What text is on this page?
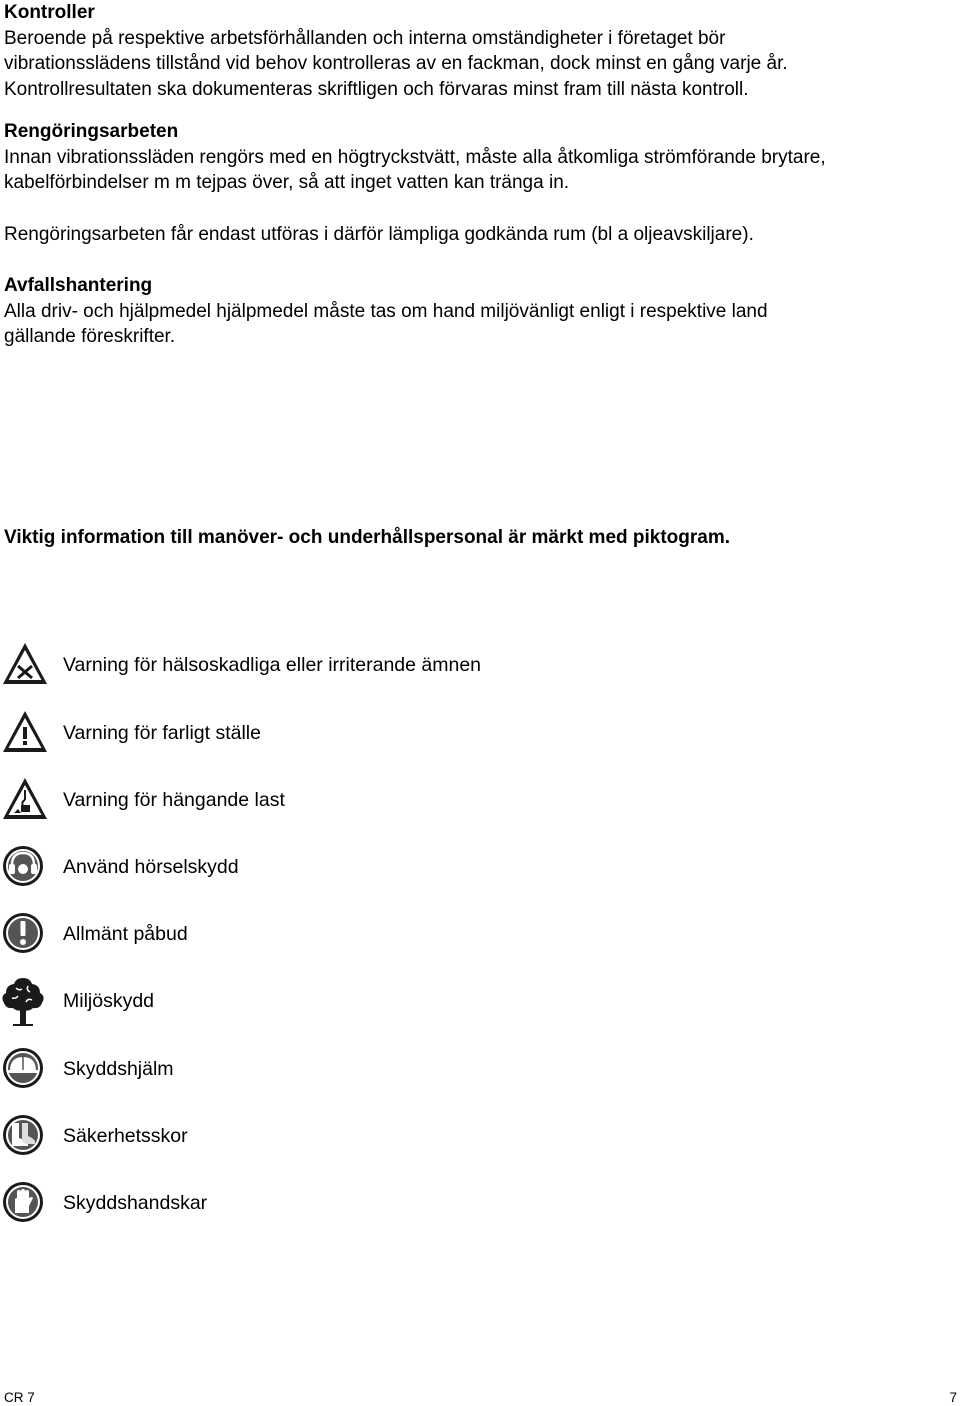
Kontroller
Beroende på respektive arbetsförhållanden och interna omständigheter i företaget bör
vibrationsslädens tillstånd vid behov kontrolleras av en fackman, dock minst en gång varje år.
Kontrollresultaten ska dokumenteras skriftligen och förvaras minst fram till nästa kontroll.
Rengöringsarbeten
Innan vibrationssläden rengörs med en högtryckstvätt, måste alla åtkomliga strömförande brytare,
kabelförbindelser m m tejpas över, så att inget vatten kan tränga in.
Rengöringsarbeten får endast utföras i därför lämpliga godkända rum (bl a oljeavskiljare).
Avfallshantering
Alla driv- och hjälpmedel hjälpmedel måste tas om hand miljövänligt enligt i respektive land
gällande föreskrifter.
Viktig information till manöver- och underhållspersonal är märkt med piktogram.
Varning för hälsoskadliga eller irriterande ämnen
Varning för farligt ställe
Varning för hängande last
Använd hörselskydd
Allmänt påbud
Miljöskydd
Skyddshjälm
Säkerhetsskor
Skyddshandskar
CR 7	7
